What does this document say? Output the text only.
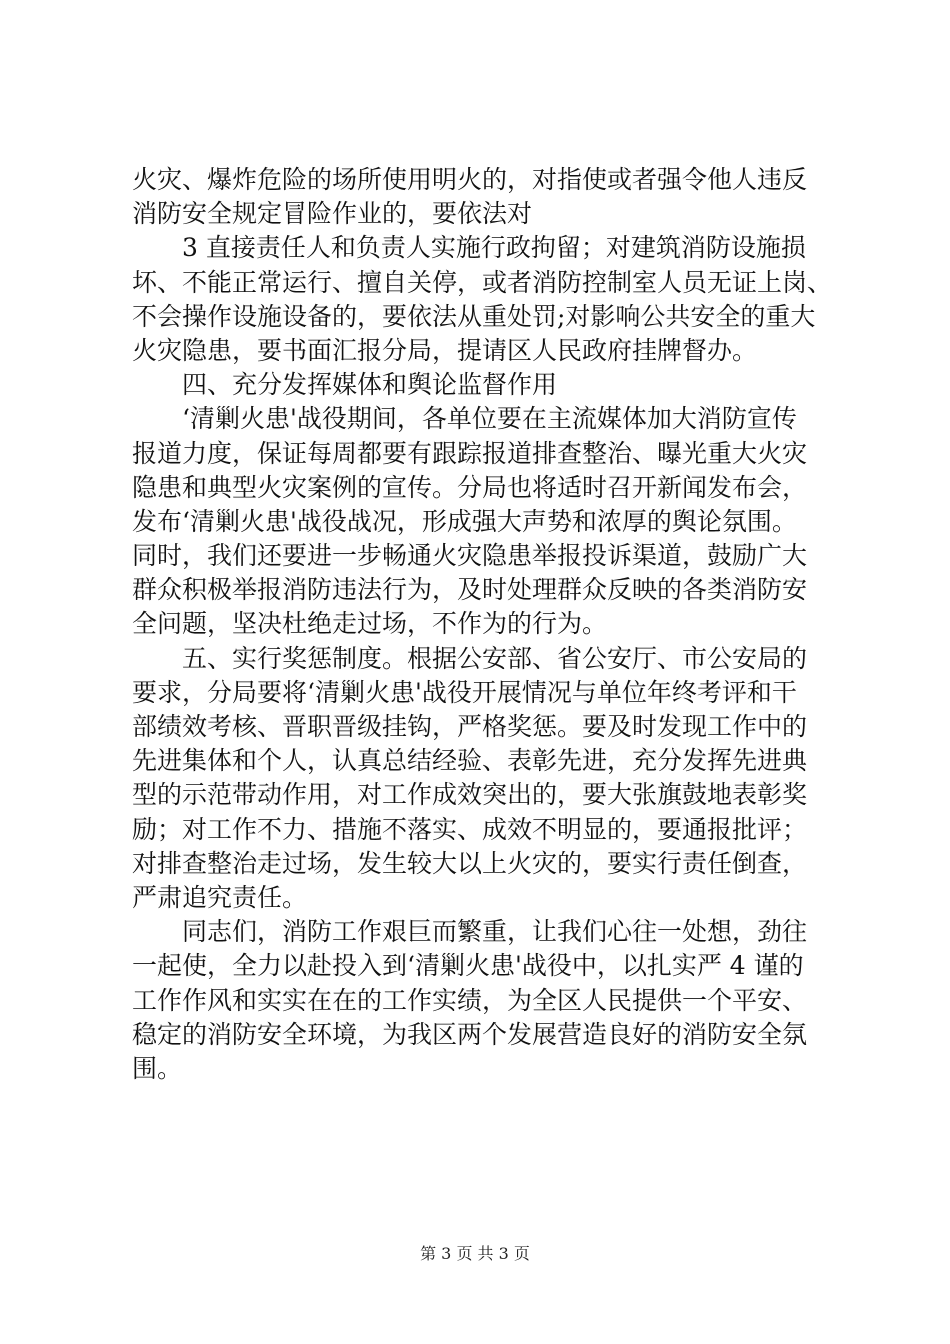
火灾、爆炸危险的场所使用明火的，对指使或者强令他人违反
消防安全规定冒险作业的，要依法对
　　3 直接责任人和负责人实施行政拘留；对建筑消防设施损
坏、不能正常运行、擅自关停，或者消防控制室人员无证上岗、
不会操作设施设备的，要依法从重处罚;对影响公共安全的重大
火灾隐患，要书面汇报分局，提请区人民政府挂牌督办。
　　四、充分发挥媒体和舆论监督作用
　　‘清剿火患'战役期间，各单位要在主流媒体加大消防宣传
报道力度，保证每周都要有跟踪报道排查整治、曝光重大火灾
隐患和典型火灾案例的宣传。分局也将适时召开新闻发布会，
发布‘清剿火患'战役战况，形成强大声势和浓厚的舆论氛围。
同时，我们还要进一步畅通火灾隐患举报投诉渠道，鼓励广大
群众积极举报消防违法行为，及时处理群众反映的各类消防安
全问题，坚决杜绝走过场，不作为的行为。
　　五、实行奖惩制度。根据公安部、省公安厅、市公安局的
要求，分局要将‘清剿火患'战役开展情况与单位年终考评和干
部绩效考核、晋职晋级挂钩，严格奖惩。要及时发现工作中的
先进集体和个人，认真总结经验、表彰先进，充分发挥先进典
型的示范带动作用，对工作成效突出的，要大张旗鼓地表彰奖
励；对工作不力、措施不落实、成效不明显的，要通报批评；
对排查整治走过场，发生较大以上火灾的，要实行责任倒查，
严肃追究责任。
　　同志们，消防工作艰巨而繁重，让我们心往一处想，劲往
一起使，全力以赴投入到‘清剿火患'战役中，以扎实严 4 谨的
工作作风和实实在在的工作实绩，为全区人民提供一个平安、
稳定的消防安全环境，为我区两个发展营造良好的消防安全氛
围。
第 3 页 共 3 页
